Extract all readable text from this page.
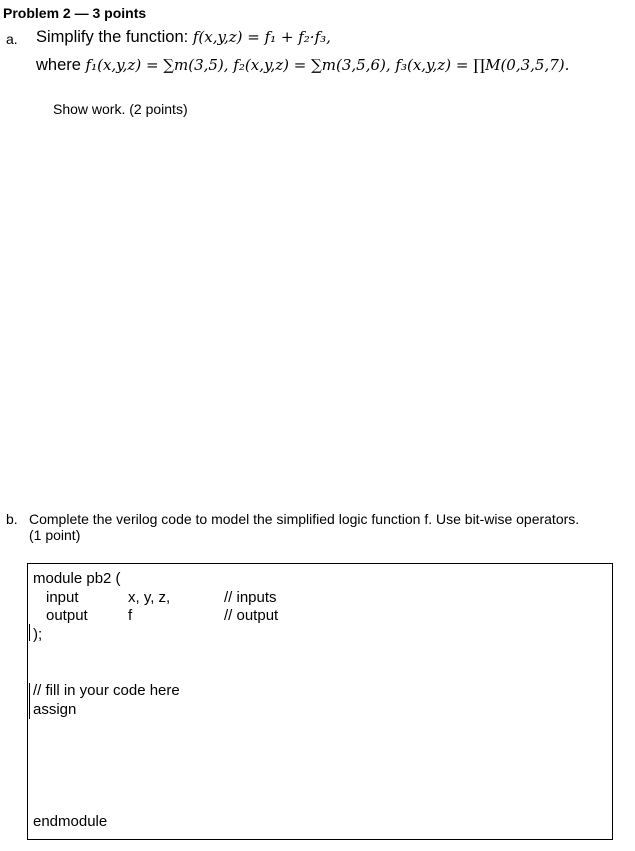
Problem 2 — 3 points
a. Simplify the function: f(x,y,z) = f₁ + f₂·f₃,
where f₁(x,y,z) = ∑m(3,5), f₂(x,y,z) = ∑m(3,5,6), f₃(x,y,z) = ∏M(0,3,5,7).
Show work. (2 points)
b. Complete the verilog code to model the simplified logic function f. Use bit-wise operators.
(1 point)
module pb2 (
input	x, y, z,	// inputs
output	f	// output
);
// fill in your code here
assign
endmodule
